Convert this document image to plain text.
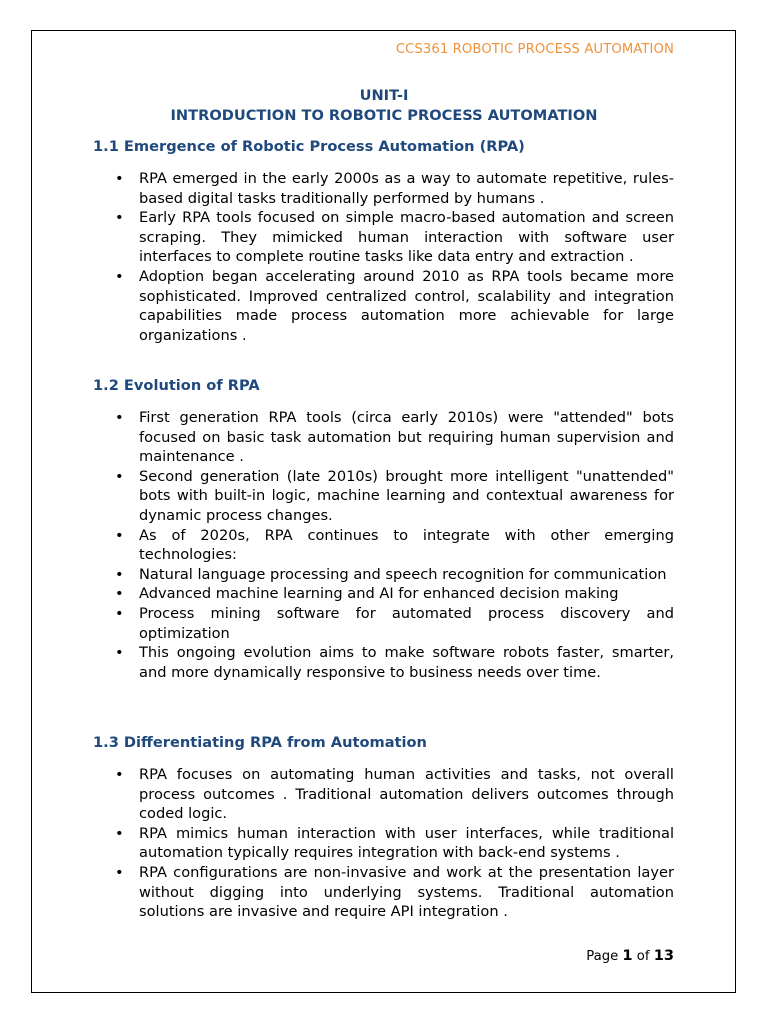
CCS361 ROBOTIC PROCESS AUTOMATION
UNIT-I
INTRODUCTION TO ROBOTIC PROCESS AUTOMATION
1.1 Emergence of Robotic Process Automation (RPA)
• RPA emerged in the early 2000s as a way to automate repetitive, rules-based digital tasks traditionally performed by humans .
• Early RPA tools focused on simple macro-based automation and screen scraping. They mimicked human interaction with software user interfaces to complete routine tasks like data entry and extraction .
• Adoption began accelerating around 2010 as RPA tools became more sophisticated. Improved centralized control, scalability and integration capabilities made process automation more achievable for large organizations .
1.2 Evolution of RPA
• First generation RPA tools (circa early 2010s) were "attended" bots focused on basic task automation but requiring human supervision and maintenance .
• Second generation (late 2010s) brought more intelligent "unattended" bots with built-in logic, machine learning and contextual awareness for dynamic process changes.
• As of 2020s, RPA continues to integrate with other emerging technologies:
• Natural language processing and speech recognition for communication
• Advanced machine learning and AI for enhanced decision making
• Process mining software for automated process discovery and optimization
• This ongoing evolution aims to make software robots faster, smarter, and more dynamically responsive to business needs over time.
1.3 Differentiating RPA from Automation
• RPA focuses on automating human activities and tasks, not overall process outcomes . Traditional automation delivers outcomes through coded logic.
• RPA mimics human interaction with user interfaces, while traditional automation typically requires integration with back-end systems .
• RPA configurations are non-invasive and work at the presentation layer without digging into underlying systems. Traditional automation solutions are invasive and require API integration .
Page 1 of 13
